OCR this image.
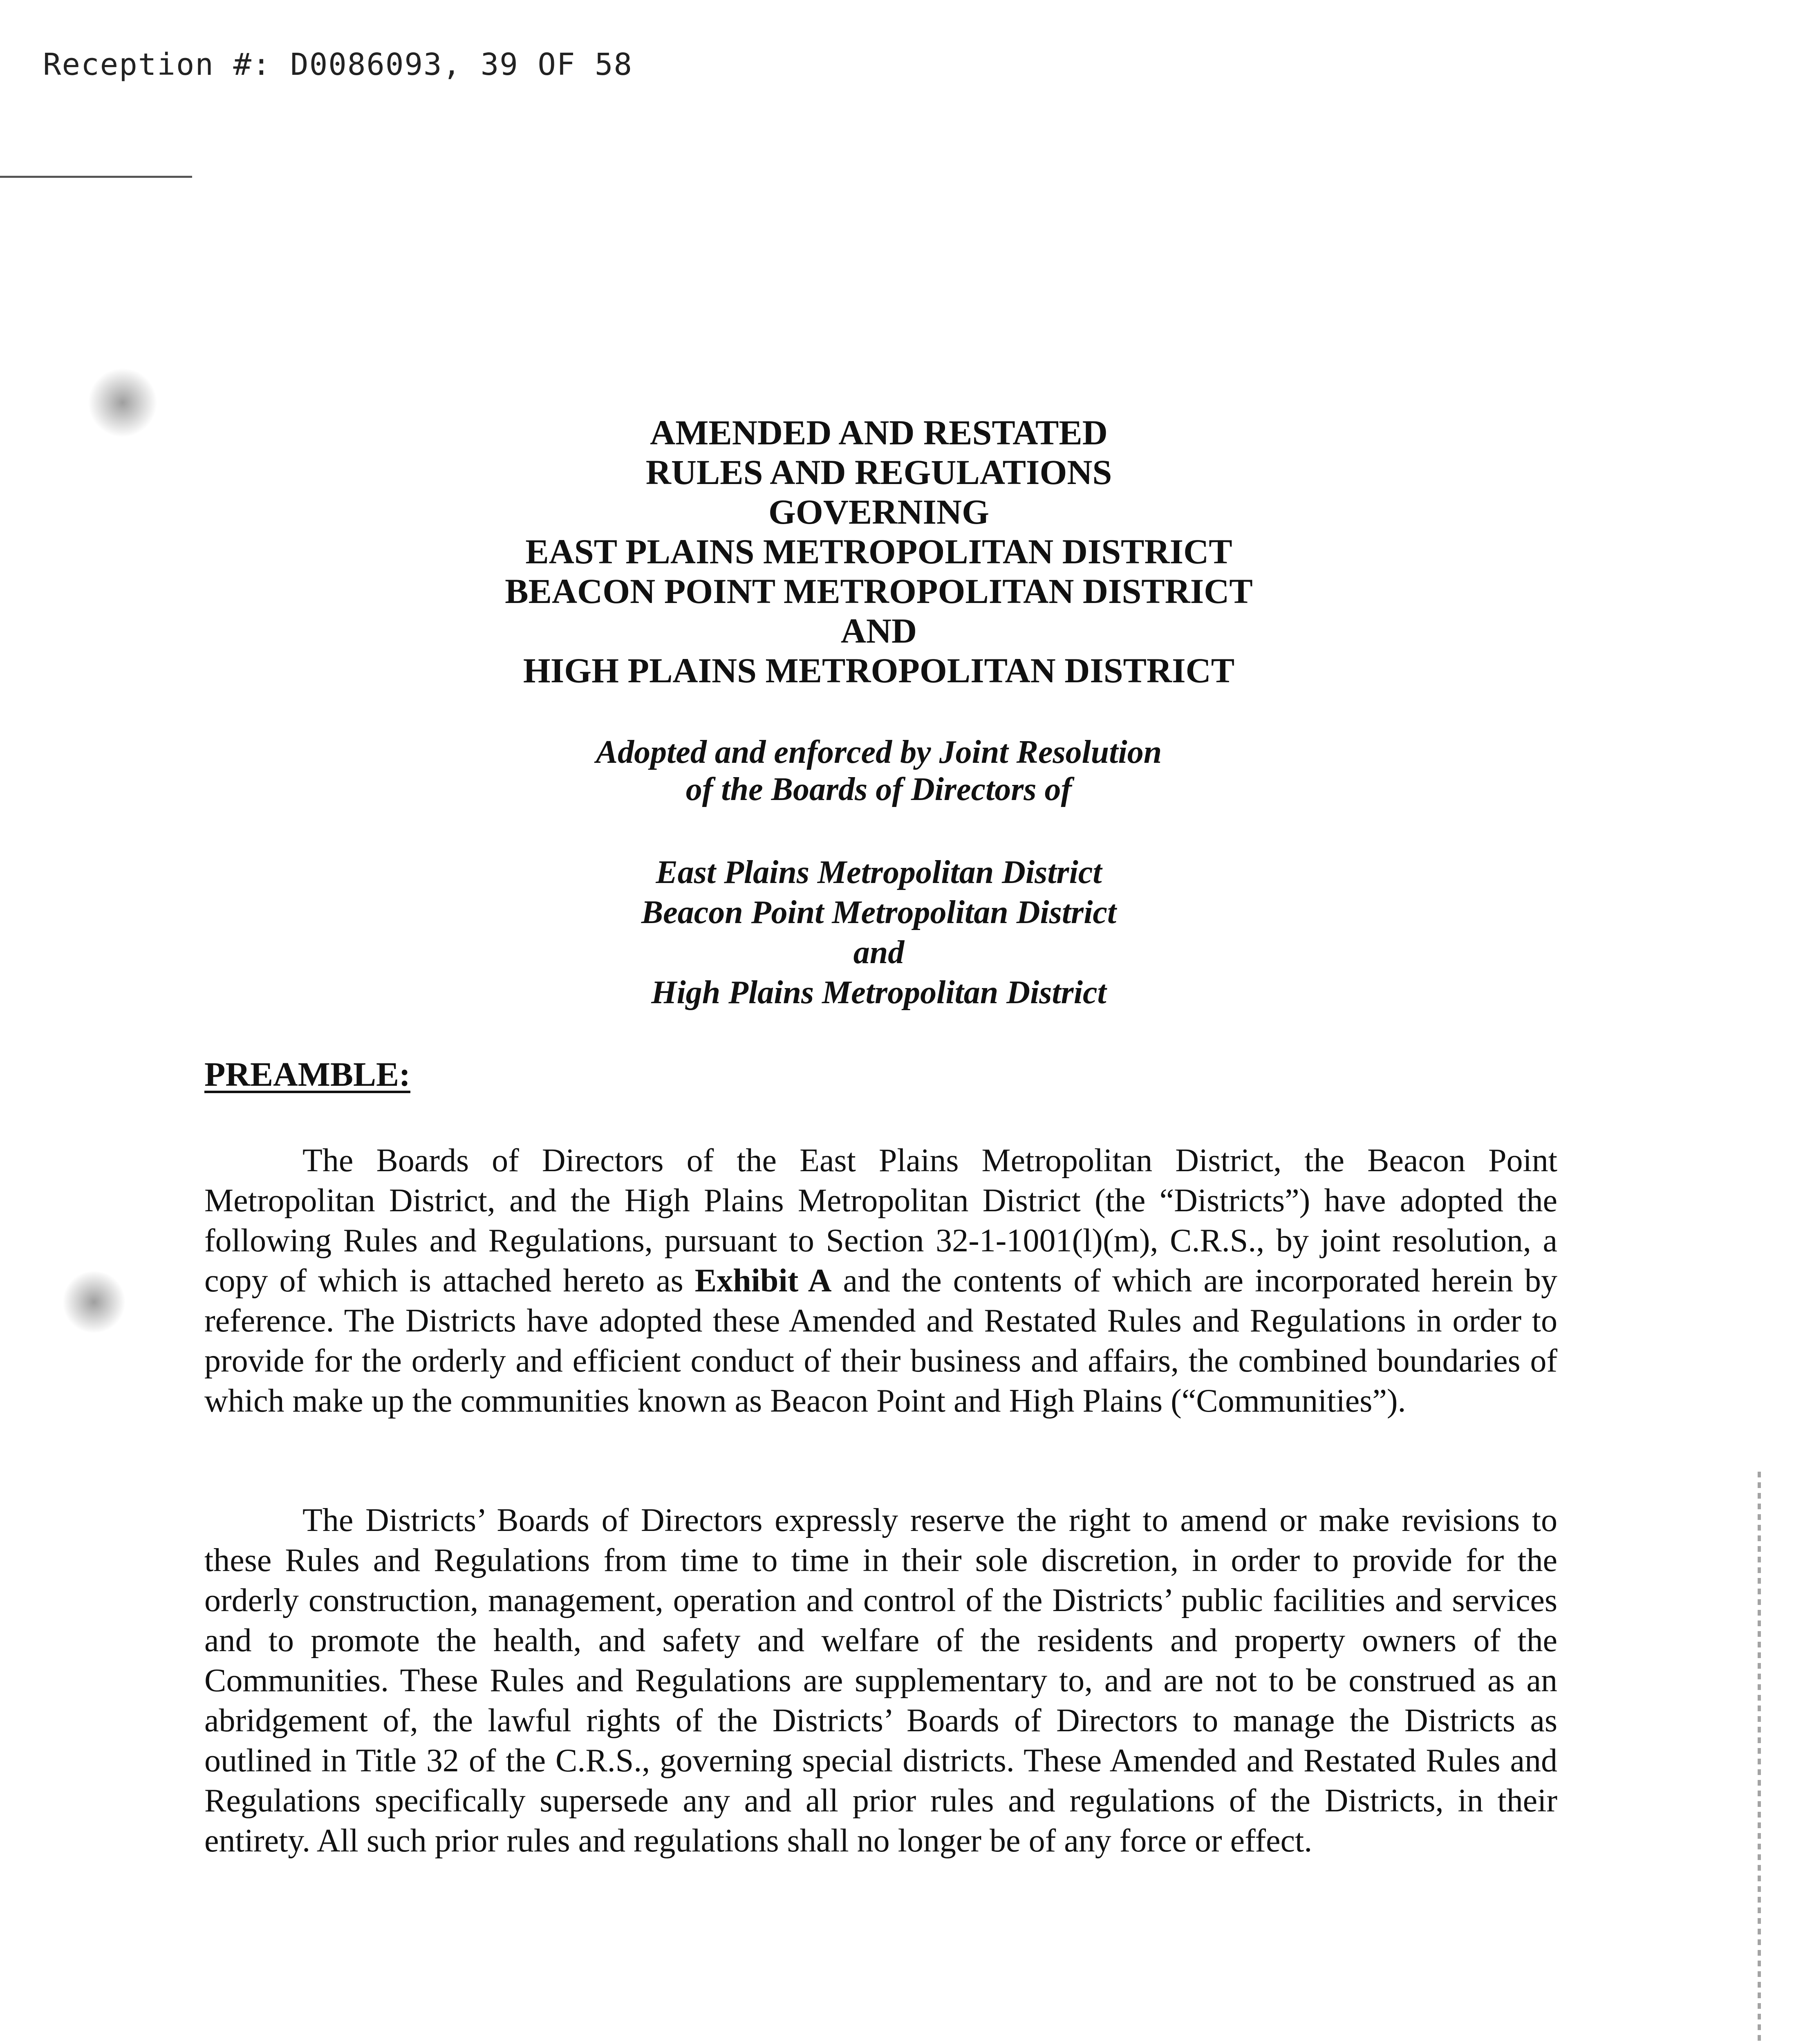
Reception #: D0086093, 39 OF 58
AMENDED AND RESTATED
RULES AND REGULATIONS
GOVERNING
EAST PLAINS METROPOLITAN DISTRICT
BEACON POINT METROPOLITAN DISTRICT
AND
HIGH PLAINS METROPOLITAN DISTRICT
Adopted and enforced by Joint Resolution
of the Boards of Directors of
East Plains Metropolitan District
Beacon Point Metropolitan District
and
High Plains Metropolitan District
PREAMBLE:
The Boards of Directors of the East Plains Metropolitan District, the Beacon Point Metropolitan District, and the High Plains Metropolitan District (the “Districts”) have adopted the following Rules and Regulations, pursuant to Section 32-1-1001(l)(m), C.R.S., by joint resolution, a copy of which is attached hereto as Exhibit A and the contents of which are incorporated herein by reference. The Districts have adopted these Amended and Restated Rules and Regulations in order to provide for the orderly and efficient conduct of their business and affairs, the combined boundaries of which make up the communities known as Beacon Point and High Plains (“Communities”).
The Districts’ Boards of Directors expressly reserve the right to amend or make revisions to these Rules and Regulations from time to time in their sole discretion, in order to provide for the orderly construction, management, operation and control of the Districts’ public facilities and services and to promote the health, and safety and welfare of the residents and property owners of the Communities. These Rules and Regulations are supplementary to, and are not to be construed as an abridgement of, the lawful rights of the Districts’ Boards of Directors to manage the Districts as outlined in Title 32 of the C.R.S., governing special districts. These Amended and Restated Rules and Regulations specifically supersede any and all prior rules and regulations of the Districts, in their entirety. All such prior rules and regulations shall no longer be of any force or effect.
